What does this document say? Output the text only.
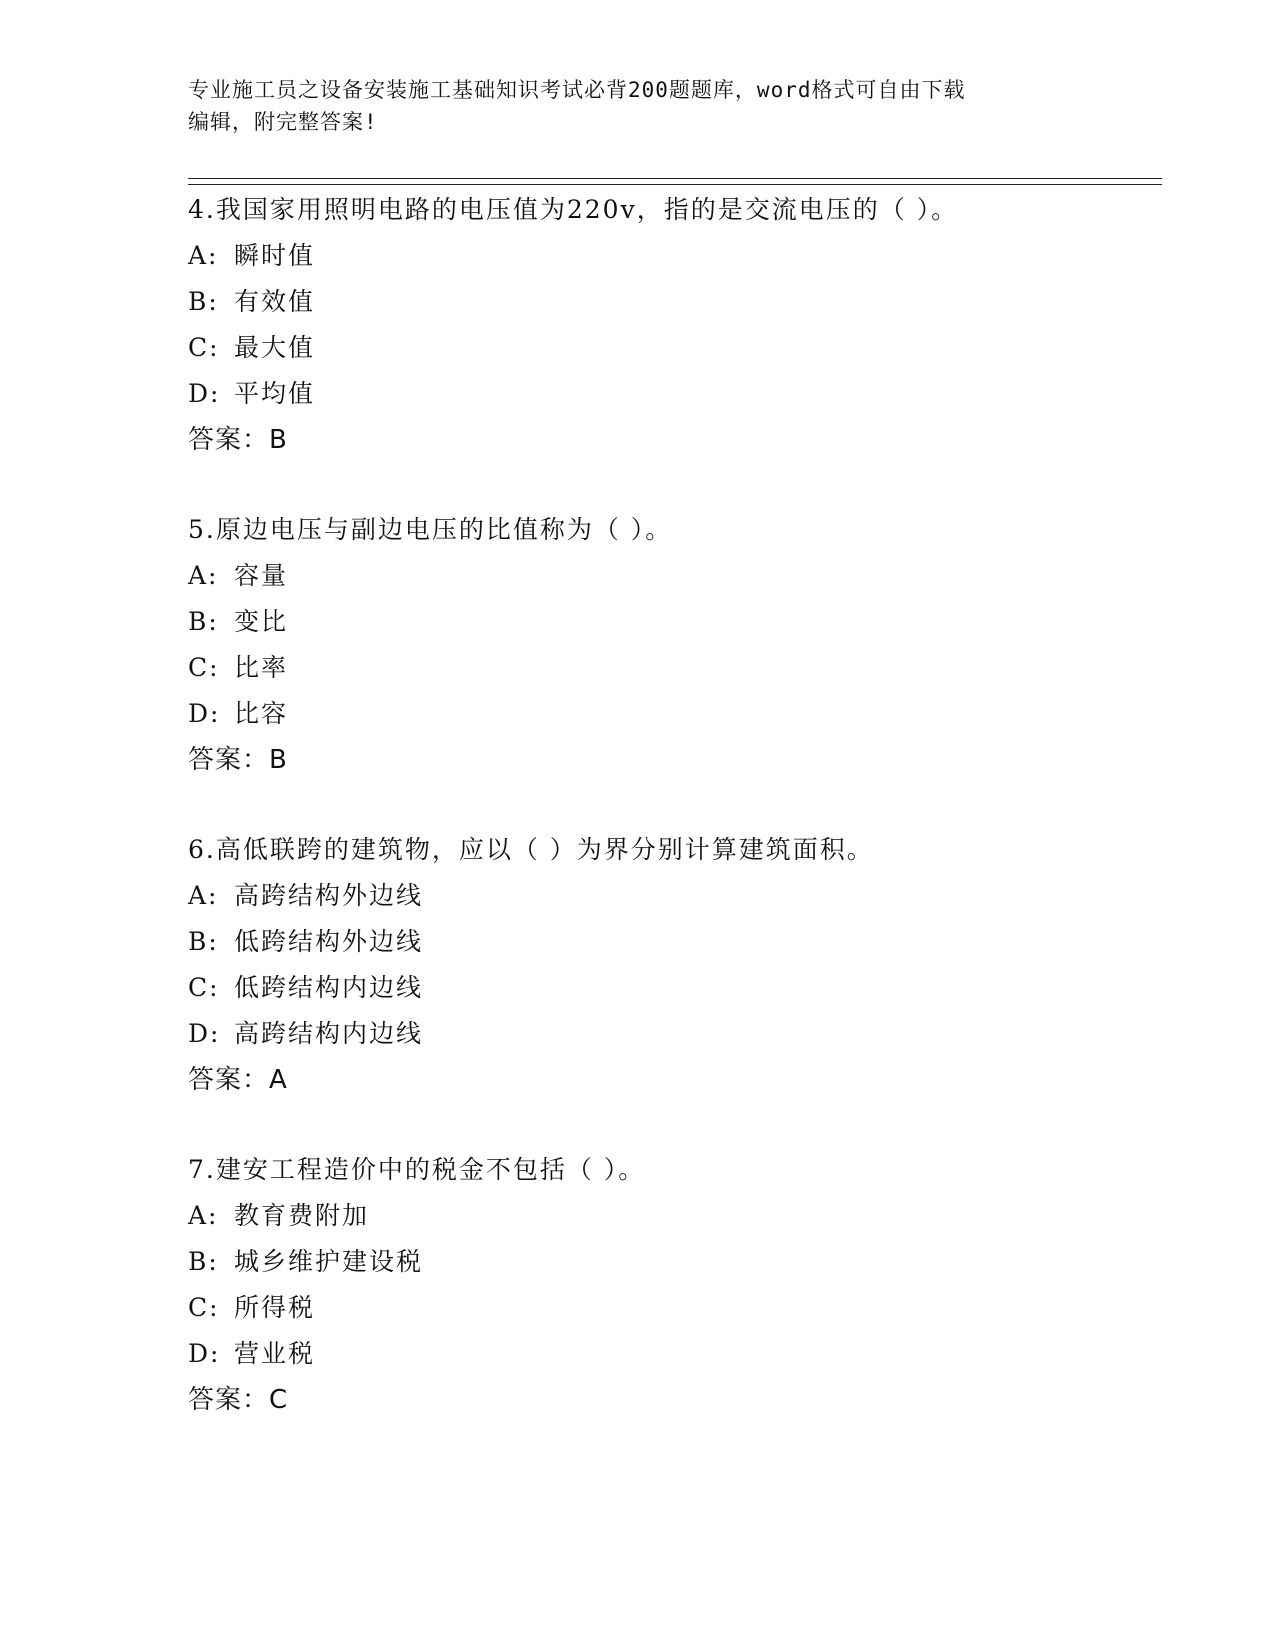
专业施工员之设备安装施工基础知识考试必背200题题库，word格式可自由下载
编辑，附完整答案!
4.我国家用照明电路的电压值为220v，指的是交流电压的（ ）。
A: 瞬时值
B: 有效值
C: 最大值
D: 平均值
答案：B
5.原边电压与副边电压的比值称为（ ）。
A: 容量
B: 变比
C: 比率
D: 比容
答案：B
6.高低联跨的建筑物，应以（ ）为界分别计算建筑面积。
A: 高跨结构外边线
B: 低跨结构外边线
C: 低跨结构内边线
D: 高跨结构内边线
答案：A
7.建安工程造价中的税金不包括（ ）。
A: 教育费附加
B: 城乡维护建设税
C: 所得税
D: 营业税
答案：C
